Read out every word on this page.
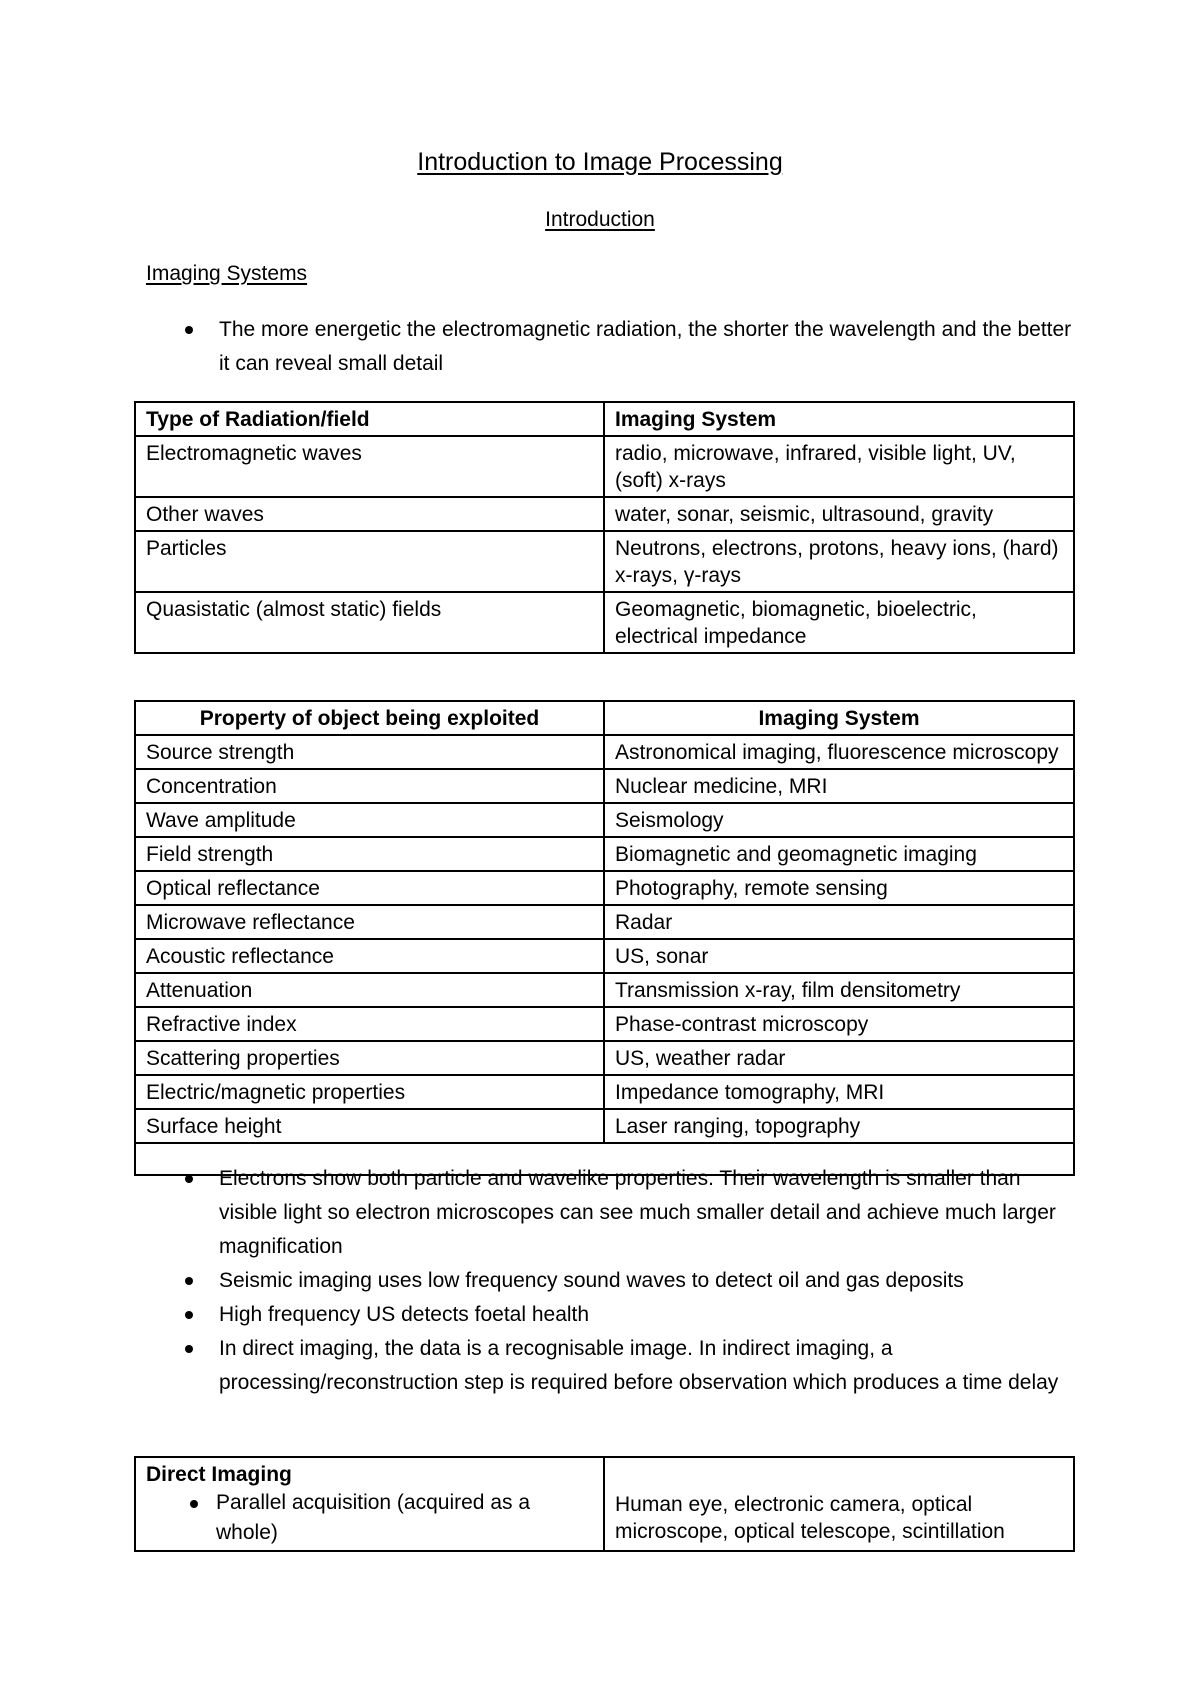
Introduction to Image Processing
Introduction
Imaging Systems
The more energetic the electromagnetic radiation, the shorter the wavelength and the better it can reveal small detail
Type of Radiation/field	Imaging System
Electromagnetic waves	radio, microwave, infrared, visible light, UV, (soft) x-rays
Other waves	water, sonar, seismic, ultrasound, gravity
Particles	Neutrons, electrons, protons, heavy ions, (hard) x-rays, γ-rays
Quasistatic (almost static) fields	Geomagnetic, biomagnetic, bioelectric, electrical impedance
Property of object being exploited	Imaging System
Source strength	Astronomical imaging, fluorescence microscopy
Concentration	Nuclear medicine, MRI
Wave amplitude	Seismology
Field strength	Biomagnetic and geomagnetic imaging
Optical reflectance	Photography, remote sensing
Microwave reflectance	Radar
Acoustic reflectance	US, sonar
Attenuation	Transmission x-ray, film densitometry
Refractive index	Phase-contrast microscopy
Scattering properties	US, weather radar
Electric/magnetic properties	Impedance tomography, MRI
Surface height	Laser ranging, topography

Electrons show both particle and wavelike properties. Their wavelength is smaller than visible light so electron microscopes can see much smaller detail and achieve much larger magnification
Seismic imaging uses low frequency sound waves to detect oil and gas deposits
High frequency US detects foetal health
In direct imaging, the data is a recognisable image. In indirect imaging, a processing/reconstruction step is required before observation which produces a time delay
Direct Imaging
Parallel acquisition (acquired as a whole)
	Human eye, electronic camera, optical microscope, optical telescope, scintillation
